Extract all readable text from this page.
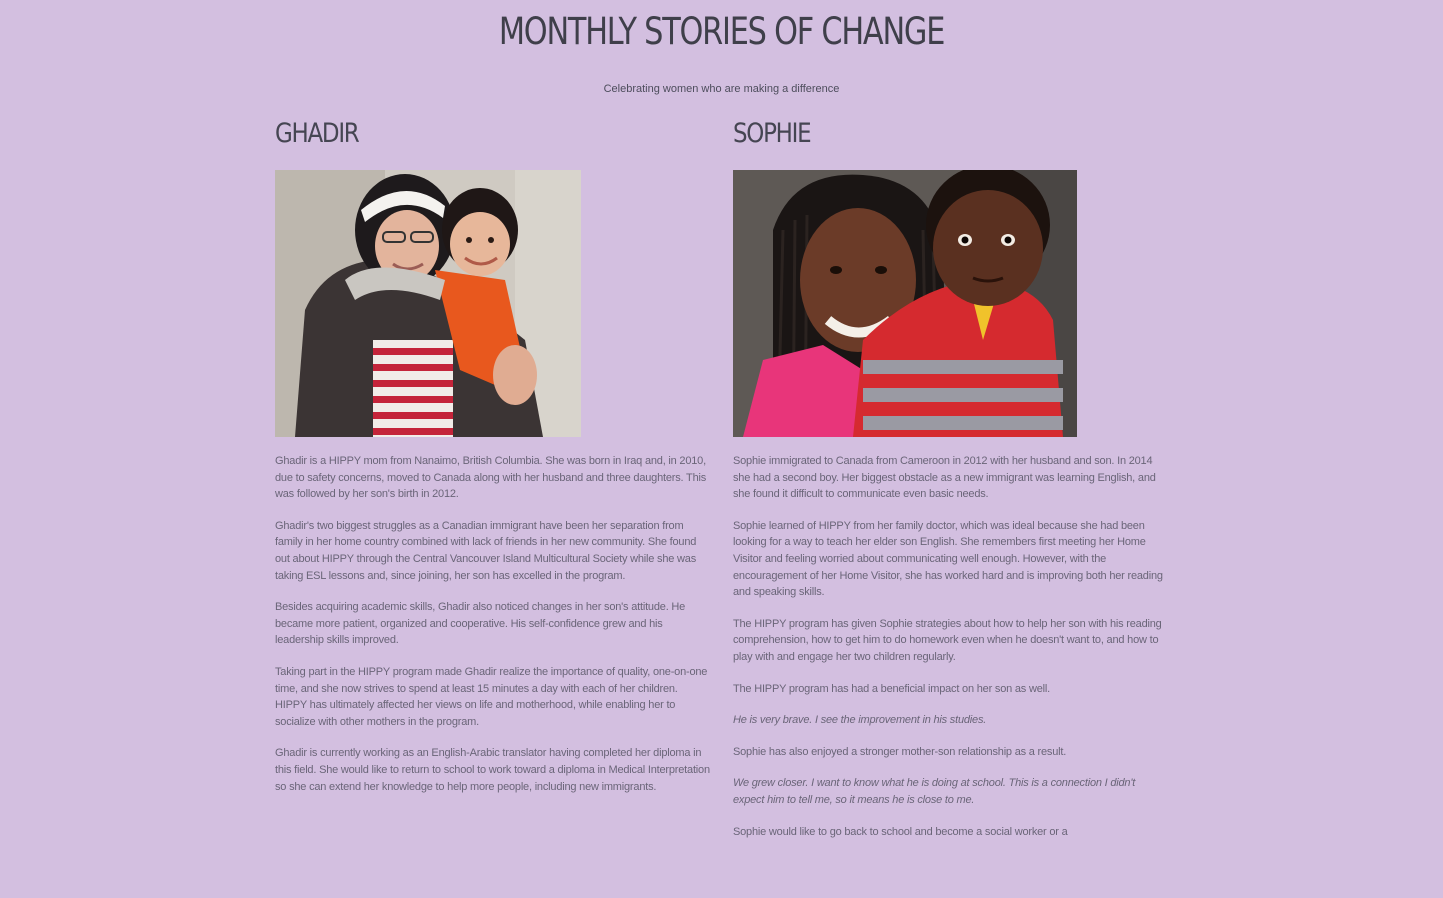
MONTHLY STORIES OF CHANGE

Celebrating women who are making a difference

GHADIR

Ghadir is a HIPPY mom from Nanaimo, British Columbia. She was born in Iraq and, in 2010, due to safety concerns, moved to Canada along with her husband and three daughters. This was followed by her son's birth in 2012.

Ghadir's two biggest struggles as a Canadian immigrant have been her separation from family in her home country combined with lack of friends in her new community. She found out about HIPPY through the Central Vancouver Island Multicultural Society while she was taking ESL lessons and, since joining, her son has excelled in the program.

Besides acquiring academic skills, Ghadir also noticed changes in her son's attitude. He became more patient, organized and cooperative. His self-confidence grew and his leadership skills improved.

Taking part in the HIPPY program made Ghadir realize the importance of quality, one-on-one time, and she now strives to spend at least 15 minutes a day with each of her children. HIPPY has ultimately affected her views on life and motherhood, while enabling her to socialize with other mothers in the program.

Ghadir is currently working as an English-Arabic translator having completed her diploma in this field. She would like to return to school to work toward a diploma in Medical Interpretation so she can extend her knowledge to help more people, including new immigrants.

SOPHIE

Sophie immigrated to Canada from Cameroon in 2012 with her husband and son. In 2014 she had a second boy. Her biggest obstacle as a new immigrant was learning English, and she found it difficult to communicate even basic needs.

Sophie learned of HIPPY from her family doctor, which was ideal because she had been looking for a way to teach her elder son English. She remembers first meeting her Home Visitor and feeling worried about communicating well enough. However, with the encouragement of her Home Visitor, she has worked hard and is improving both her reading and speaking skills.

The HIPPY program has given Sophie strategies about how to help her son with his reading comprehension, how to get him to do homework even when he doesn't want to, and how to play with and engage her two children regularly.

The HIPPY program has had a beneficial impact on her son as well.

He is very brave. I see the improvement in his studies.

Sophie has also enjoyed a stronger mother-son relationship as a result.

We grew closer. I want to know what he is doing at school. This is a connection I didn't expect him to tell me, so it means he is close to me.

Sophie would like to go back to school and become a social worker or a
